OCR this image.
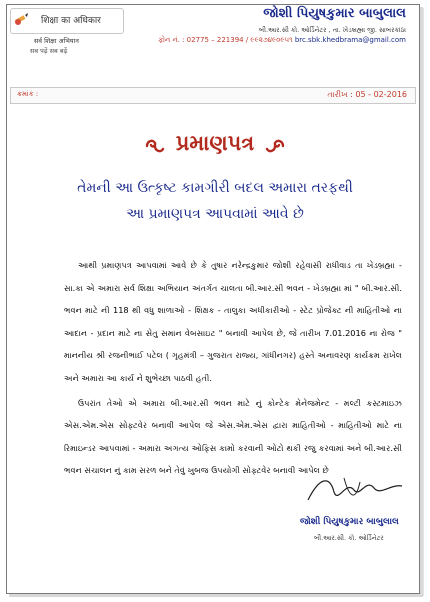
शिक्षा का अधिकार
सर्व शिक्षा अभियान
सब पढ़ें सब बढ़ें
જોશી પિયુષકુમાર બાબુલાલ
બી.આર.સી કો. ઓર્ડિનેટર , તા. ખેડબ્રહ્મા જી. સાબરકાંઠા
ફોન નં. : 02775 – 221394 / ૯૯૨૭૪૯૦૯૫૧ brc.sbk.khedbrama@gmail.com
ક્રમાંક :	તારીખ : 05 - 02-2016
પ્રમાણપત્ર
તેમની આ ઉત્કૃષ્ટ કામગીરી બદલ અમારા તરફથી
આ પ્રમાણપત્ર આપવામાં આવે છે

આથી પ્રમાણપત્ર આપવામાં આવે છે કે તુષાર નરેન્દ્રકુમાર જોશી રહેવાસી રાધીવાડ તા ખેડબ્રહ્મા - સા.કા એ અમારા સર્વ શિક્ષા અભિયાન અંતર્ગત ચાલતા બી.આર.સી ભવન - ખેડબ્રહ્મા માં " બી.આર.સી. ભવન માટે ની 118 થી વધુ શાળાઓ - શિક્ષક - તાલુકા અધીકારીઓ - સ્ટેટ પ્રોજેક્ટ ની માહિતીઓ ના આદાન - પ્રદાન માટે ના સેતુ સમાન વેબસાઇટ " બનાવી આપેલ છે, જે તારીખ 7.01.2016 ના રોજ " માનનીય શ્રી રજનીભાઈ પટેલ ( ગૃહમંત્રી – ગુજરાત રાજ્ય, ગાંધીનગર) હસ્તે અનાવરણ કાર્યક્રમ રાખેલ અને અમારા આ કાર્ય ને શુભેચ્છા પાઠવી હતી.

ઉપરાંત તેઓ એ અમારા બી.આર.સી ભવન માટે નું કોન્ટેક મેનેજમેન્ટ - મલ્ટી કસ્ટમાઇઝ એસ.એમ.એસ સોફ્ટવેર બનાવી આપેલ જે એસ.એમ.એસ દ્વારા માહિતીઓ - માહિતીઓ માટે ના રિમાઇન્ડર આપવામાં - અમારા અગત્ય ઓફિસ કામો કરવાની ઓટો થકી રજુ કરવામાં અને બી.આર.સી ભવન સંચાલન નું કામ સરળ બને તેવું ખુબજ ઉપયોગી સોફ્ટવેર બનાવી આપેલ છે

જોશી પિયુષકુમાર બાબુલાલ
બી.આર.સી. કો. ઓર્ડિનેટર
